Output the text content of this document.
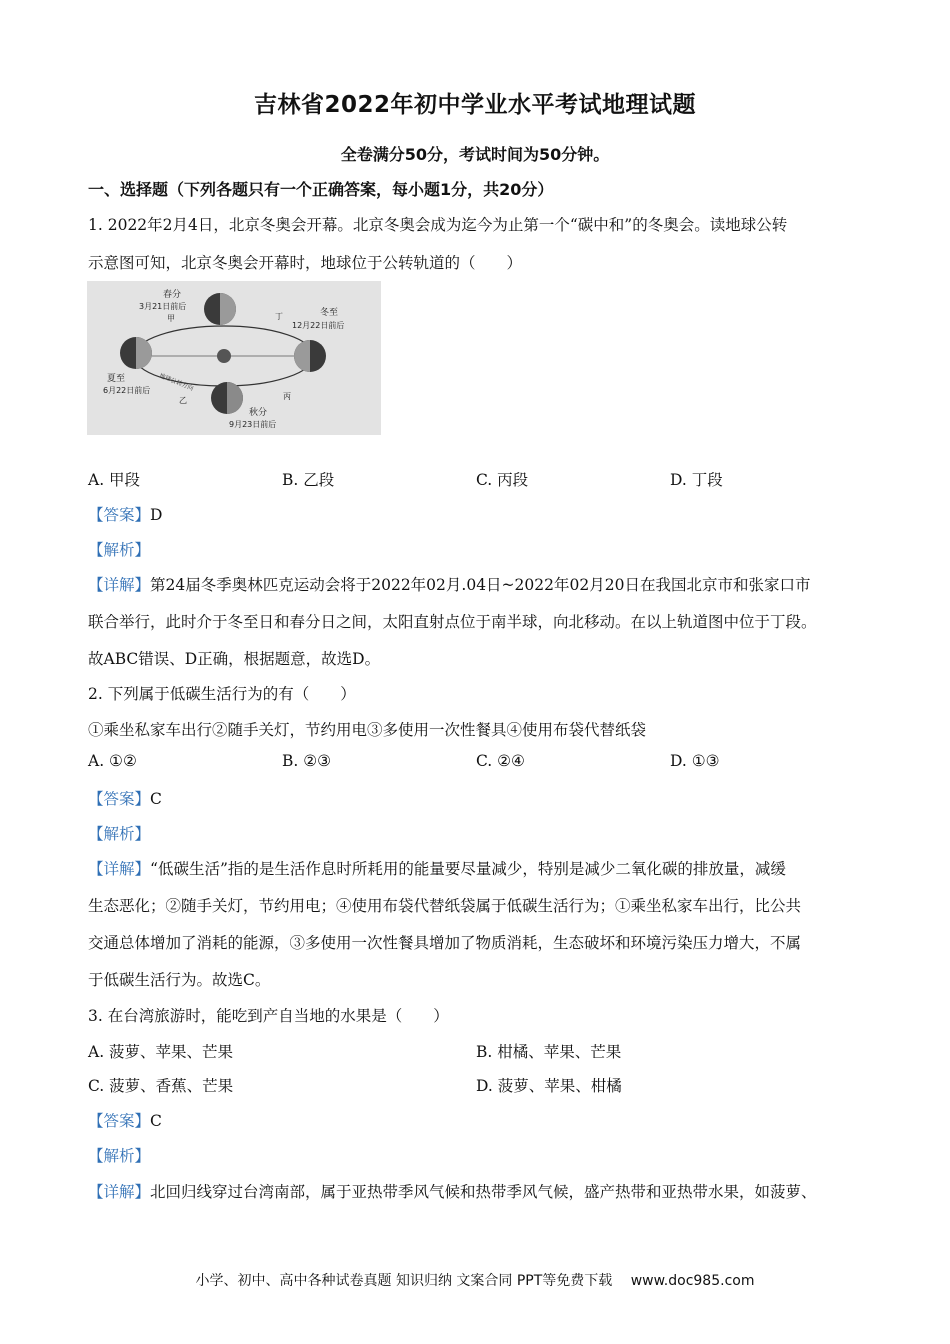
吉林省2022年初中学业水平考试地理试题
全卷满分50分，考试时间为50分钟。
一、选择题（下列各题只有一个正确答案，每小题1分，共20分）
1. 2022年2月4日，北京冬奥会开幕。北京冬奥会成为迄今为止第一个“碳中和”的冬奥会。读地球公转
示意图可知，北京冬奥会开幕时，地球位于公转轨道的（　　）
春分
3月21日前后
甲
冬至
12月22日前后
丁
夏至
6月22日前后
乙
秋分
9月23日前后
丙
地球公转方向
A. 甲段	B. 乙段	C. 丙段	D. 丁段
【答案】D
【解析】
【详解】第24届冬季奥林匹克运动会将于2022年02月.04日~2022年02月20日在我国北京市和张家口市
联合举行，此时介于冬至日和春分日之间，太阳直射点位于南半球，向北移动。在以上轨道图中位于丁段。
故ABC错误、D正确，根据题意，故选D。
2. 下列属于低碳生活行为的有（　　）
①乘坐私家车出行②随手关灯，节约用电③多使用一次性餐具④使用布袋代替纸袋
A. ①②	B. ②③	C. ②④	D. ①③
【答案】C
【解析】
【详解】“低碳生活”指的是生活作息时所耗用的能量要尽量减少，特别是减少二氧化碳的排放量，减缓
生态恶化；②随手关灯，节约用电；④使用布袋代替纸袋属于低碳生活行为；①乘坐私家车出行，比公共
交通总体增加了消耗的能源，③多使用一次性餐具增加了物质消耗，生态破坏和环境污染压力增大，不属
于低碳生活行为。故选C。
3. 在台湾旅游时，能吃到产自当地的水果是（　　）
A. 菠萝、苹果、芒果	B. 柑橘、苹果、芒果
C. 菠萝、香蕉、芒果	D. 菠萝、苹果、柑橘
【答案】C
【解析】
【详解】北回归线穿过台湾南部，属于亚热带季风气候和热带季风气候，盛产热带和亚热带水果，如菠萝、
小学、初中、高中各种试卷真题 知识归纳 文案合同 PPT等免费下载　 www.doc985.com
